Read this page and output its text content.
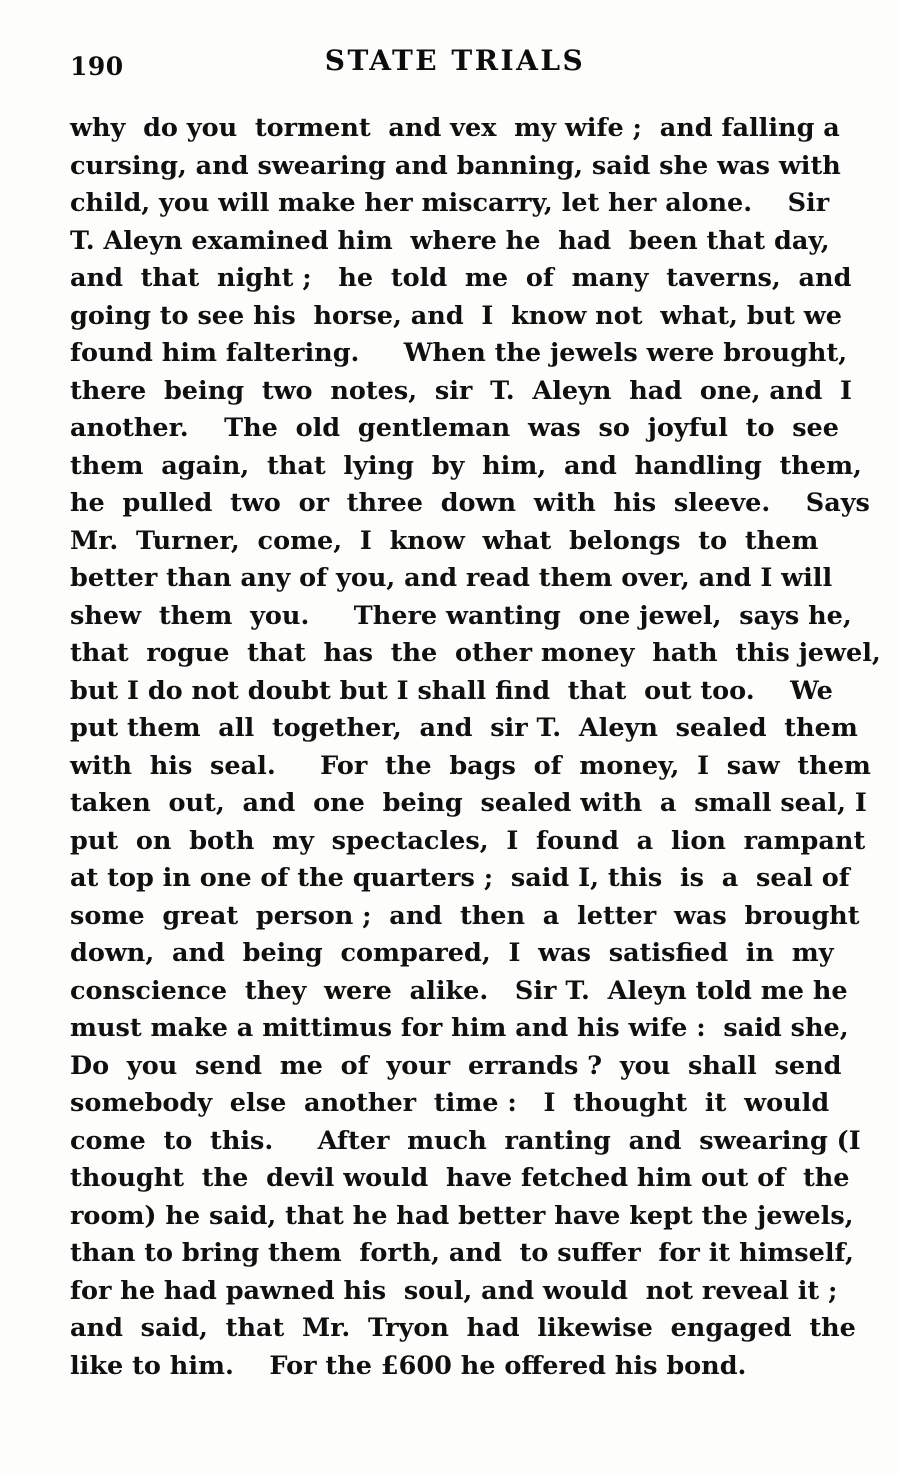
190	STATE TRIALS
why  do you  torment  and vex  my wife ;  and falling a
cursing, and swearing and banning, said she was with
child, you will make her miscarry, let her alone.    Sir
T. Aleyn examined him  where he  had  been that day,
and  that  night ;   he  told  me  of  many  taverns,  and
going to see his  horse, and  I  know not  what, but we
found him faltering.     When the jewels were brought,
there  being  two  notes,  sir  T.  Aleyn  had  one, and  I
another.    The  old  gentleman  was  so  joyful  to  see
them  again,  that  lying  by  him,  and  handling  them,
he  pulled  two  or  three  down  with  his  sleeve.    Says
Mr.  Turner,  come,  I  know  what  belongs  to  them
better than any of you, and read them over, and I will
shew  them  you.     There wanting  one jewel,  says he,
that  rogue  that  has  the  other money  hath  this jewel,
but I do not doubt but I shall find  that  out too.    We
put them  all  together,  and  sir T.  Aleyn  sealed  them
with  his  seal.     For  the  bags  of  money,  I  saw  them
taken  out,  and  one  being  sealed with  a  small seal, I
put  on  both  my  spectacles,  I  found  a  lion  rampant
at top in one of the quarters ;  said I, this  is  a  seal of
some  great  person ;  and  then  a  letter  was  brought
down,  and  being  compared,  I  was  satisfied  in  my
conscience  they  were  alike.   Sir T.  Aleyn told me he
must make a mittimus for him and his wife :  said she,
Do  you  send  me  of  your  errands ?  you  shall  send
somebody  else  another  time :   I  thought  it  would
come  to  this.     After  much  ranting  and  swearing (I
thought  the  devil would  have fetched him out of  the
room) he said, that he had better have kept the jewels,
than to bring them  forth, and  to suffer  for it himself,
for he had pawned his  soul, and would  not reveal it ;
and  said,  that  Mr.  Tryon  had  likewise  engaged  the
like to him.    For the £600 he offered his bond.
